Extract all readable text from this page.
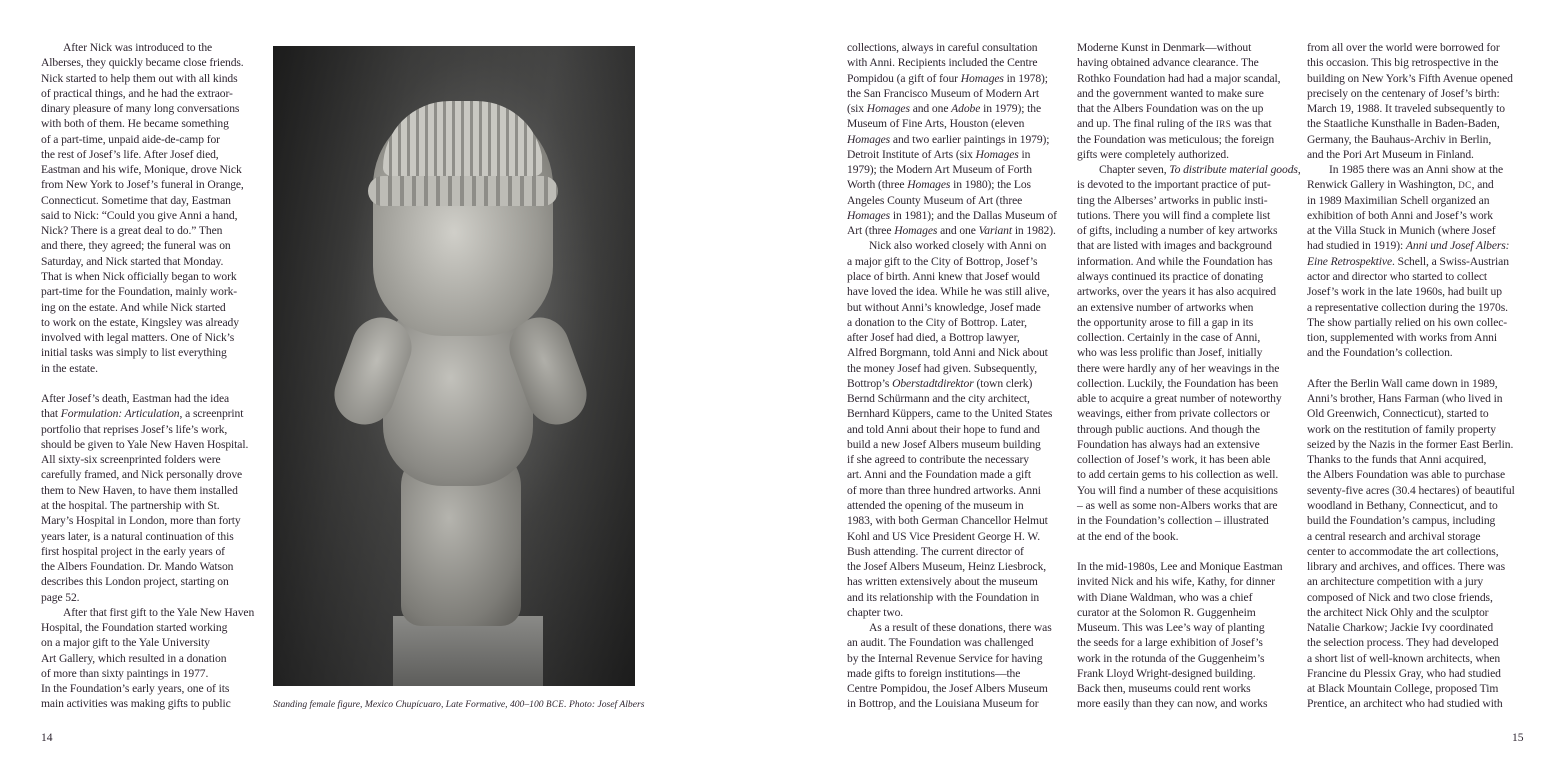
After Nick was introduced to the
Alberses, they quickly became close friends.
Nick started to help them out with all kinds
of practical things, and he had the extraor-
dinary pleasure of many long conversations
with both of them. He became something
of a part-time, unpaid aide-de-camp for
the rest of Josef’s life. After Josef died,
Eastman and his wife, Monique, drove Nick
from New York to Josef’s funeral in Orange,
Connecticut. Sometime that day, Eastman
said to Nick: “Could you give Anni a hand,
Nick? There is a great deal to do.” Then
and there, they agreed; the funeral was on
Saturday, and Nick started that Monday.
That is when Nick officially began to work
part-time for the Foundation, mainly work-
ing on the estate. And while Nick started
to work on the estate, Kingsley was already
involved with legal matters. One of Nick’s
initial tasks was simply to list everything
in the estate.
After Josef’s death, Eastman had the idea
that Formulation: Articulation, a screenprint
portfolio that reprises Josef’s life’s work,
should be given to Yale New Haven Hospital.
All sixty-six screenprinted folders were
carefully framed, and Nick personally drove
them to New Haven, to have them installed
at the hospital. The partnership with St.
Mary’s Hospital in London, more than forty
years later, is a natural continuation of this
first hospital project in the early years of
the Albers Foundation. Dr. Mando Watson
describes this London project, starting on
page 52.
After that first gift to the Yale New Haven
Hospital, the Foundation started working
on a major gift to the Yale University
Art Gallery, which resulted in a donation
of more than sixty paintings in 1977.
In the Foundation’s early years, one of its
main activities was making gifts to public	Standing female figure, Mexico Chupícuaro, Late Formative, 400–100 BCE. Photo: Josef Albers
collections, always in careful consultation
with Anni. Recipients included the Centre
Pompidou (a gift of four Homages in 1978);
the San Francisco Museum of Modern Art
(six Homages and one Adobe in 1979); the
Museum of Fine Arts, Houston (eleven
Homages and two earlier paintings in 1979);
Detroit Institute of Arts (six Homages in
1979); the Modern Art Museum of Forth
Worth (three Homages in 1980); the Los
Angeles County Museum of Art (three
Homages in 1981); and the Dallas Museum of
Art (three Homages and one Variant in 1982).
Nick also worked closely with Anni on
a major gift to the City of Bottrop, Josef’s
place of birth. Anni knew that Josef would
have loved the idea. While he was still alive,
but without Anni’s knowledge, Josef made
a donation to the City of Bottrop. Later,
after Josef had died, a Bottrop lawyer,
Alfred Borgmann, told Anni and Nick about
the money Josef had given. Subsequently,
Bottrop’s Oberstadtdirektor (town clerk)
Bernd Schürmann and the city architect,
Bernhard Küppers, came to the United States
and told Anni about their hope to fund and
build a new Josef Albers museum building
if she agreed to contribute the necessary
art. Anni and the Foundation made a gift
of more than three hundred artworks. Anni
attended the opening of the museum in
1983, with both German Chancellor Helmut
Kohl and US Vice President George H. W.
Bush attending. The current director of
the Josef Albers Museum, Heinz Liesbrock,
has written extensively about the museum
and its relationship with the Foundation in
chapter two.
As a result of these donations, there was
an audit. The Foundation was challenged
by the Internal Revenue Service for having
made gifts to foreign institutions—the
Centre Pompidou, the Josef Albers Museum
in Bottrop, and the Louisiana Museum for
Moderne Kunst in Denmark—without
having obtained advance clearance. The
Rothko Foundation had had a major scandal,
and the government wanted to make sure
that the Albers Foundation was on the up
and up. The final ruling of the IRS was that
the Foundation was meticulous; the foreign
gifts were completely authorized.
Chapter seven, To distribute material goods,
is devoted to the important practice of put-
ting the Alberses’ artworks in public insti-
tutions. There you will find a complete list
of gifts, including a number of key artworks
that are listed with images and background
information. And while the Foundation has
always continued its practice of donating
artworks, over the years it has also acquired
an extensive number of artworks when
the opportunity arose to fill a gap in its
collection. Certainly in the case of Anni,
who was less prolific than Josef, initially
there were hardly any of her weavings in the
collection. Luckily, the Foundation has been
able to acquire a great number of noteworthy
weavings, either from private collectors or
through public auctions. And though the
Foundation has always had an extensive
collection of Josef’s work, it has been able
to add certain gems to his collection as well.
You will find a number of these acquisitions
– as well as some non-Albers works that are
in the Foundation’s collection – illustrated
at the end of the book.
In the mid-1980s, Lee and Monique Eastman
invited Nick and his wife, Kathy, for dinner
with Diane Waldman, who was a chief
curator at the Solomon R. Guggenheim
Museum. This was Lee’s way of planting
the seeds for a large exhibition of Josef’s
work in the rotunda of the Guggenheim’s
Frank Lloyd Wright-designed building.
Back then, museums could rent works
more easily than they can now, and works
from all over the world were borrowed for
this occasion. This big retrospective in the
building on New York’s Fifth Avenue opened
precisely on the centenary of Josef’s birth:
March 19, 1988. It traveled subsequently to
the Staatliche Kunsthalle in Baden-Baden,
Germany, the Bauhaus-Archiv in Berlin,
and the Pori Art Museum in Finland.
In 1985 there was an Anni show at the
Renwick Gallery in Washington, DC, and
in 1989 Maximilian Schell organized an
exhibition of both Anni and Josef’s work
at the Villa Stuck in Munich (where Josef
had studied in 1919): Anni und Josef Albers:
Eine Retrospektive. Schell, a Swiss-Austrian
actor and director who started to collect
Josef’s work in the late 1960s, had built up
a representative collection during the 1970s.
The show partially relied on his own collec-
tion, supplemented with works from Anni
and the Foundation’s collection.
After the Berlin Wall came down in 1989,
Anni’s brother, Hans Farman (who lived in
Old Greenwich, Connecticut), started to
work on the restitution of family property
seized by the Nazis in the former East Berlin.
Thanks to the funds that Anni acquired,
the Albers Foundation was able to purchase
seventy-five acres (30.4 hectares) of beautiful
woodland in Bethany, Connecticut, and to
build the Foundation’s campus, including
a central research and archival storage
center to accommodate the art collections,
library and archives, and offices. There was
an architecture competition with a jury
composed of Nick and two close friends,
the architect Nick Ohly and the sculptor
Natalie Charkow; Jackie Ivy coordinated
the selection process. They had developed
a short list of well-known architects, when
Francine du Plessix Gray, who had studied
at Black Mountain College, proposed Tim
Prentice, an architect who had studied with
14	15
